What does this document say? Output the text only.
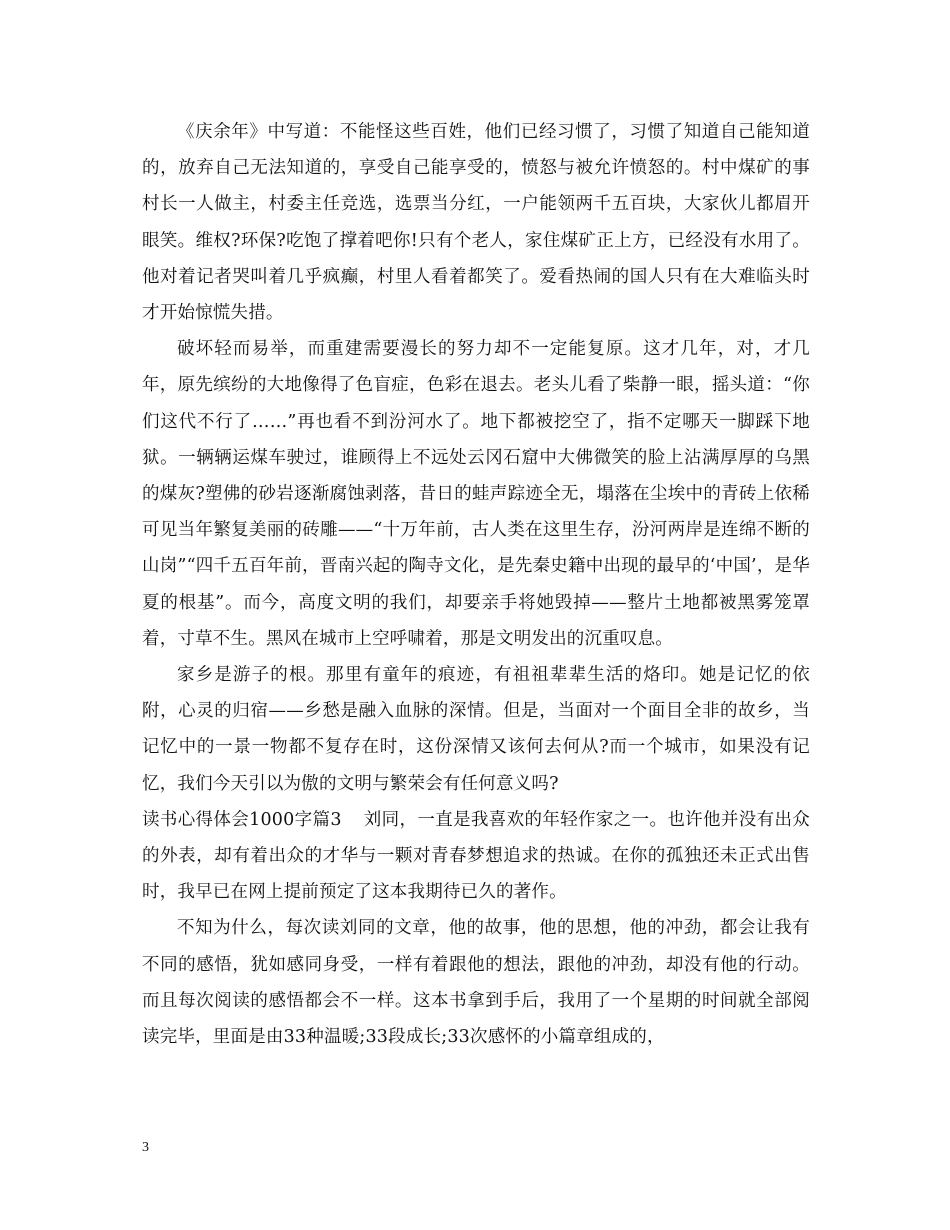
《庆余年》中写道：不能怪这些百姓，他们已经习惯了，习惯了知道自己能知道的，放弃自己无法知道的，享受自己能享受的，愤怒与被允许愤怒的。村中煤矿的事村长一人做主，村委主任竞选，选票当分红，一户能领两千五百块，大家伙儿都眉开眼笑。维权?环保?吃饱了撑着吧你!只有个老人，家住煤矿正上方，已经没有水用了。他对着记者哭叫着几乎疯癫，村里人看着都笑了。爱看热闹的国人只有在大难临头时才开始惊慌失措。

破坏轻而易举，而重建需要漫长的努力却不一定能复原。这才几年，对，才几年，原先缤纷的大地像得了色盲症，色彩在退去。老头儿看了柴静一眼，摇头道：“你们这代不行了……”再也看不到汾河水了。地下都被挖空了，指不定哪天一脚踩下地狱。一辆辆运煤车驶过，谁顾得上不远处云冈石窟中大佛微笑的脸上沾满厚厚的乌黑的煤灰?塑佛的砂岩逐渐腐蚀剥落，昔日的蛙声踪迹全无，塌落在尘埃中的青砖上依稀可见当年繁复美丽的砖雕——“十万年前，古人类在这里生存，汾河两岸是连绵不断的山岗”“四千五百年前，晋南兴起的陶寺文化，是先秦史籍中出现的最早的‘中国’，是华夏的根基”。而今，高度文明的我们，却要亲手将她毁掉——整片土地都被黑雾笼罩着，寸草不生。黑风在城市上空呼啸着，那是文明发出的沉重叹息。

家乡是游子的根。那里有童年的痕迹，有祖祖辈辈生活的烙印。她是记忆的依附，心灵的归宿——乡愁是融入血脉的深情。但是，当面对一个面目全非的故乡，当记忆中的一景一物都不复存在时，这份深情又该何去何从?而一个城市，如果没有记忆，我们今天引以为傲的文明与繁荣会有任何意义吗?

读书心得体会1000字篇3 刘同，一直是我喜欢的年轻作家之一。也许他并没有出众的外表，却有着出众的才华与一颗对青春梦想追求的热诚。在你的孤独还未正式出售时，我早已在网上提前预定了这本我期待已久的著作。

不知为什么，每次读刘同的文章，他的故事，他的思想，他的冲劲，都会让我有不同的感悟，犹如感同身受，一样有着跟他的想法，跟他的冲劲，却没有他的行动。而且每次阅读的感悟都会不一样。这本书拿到手后，我用了一个星期的时间就全部阅读完毕，里面是由33种温暖;33段成长;33次感怀的小篇章组成的，

3
